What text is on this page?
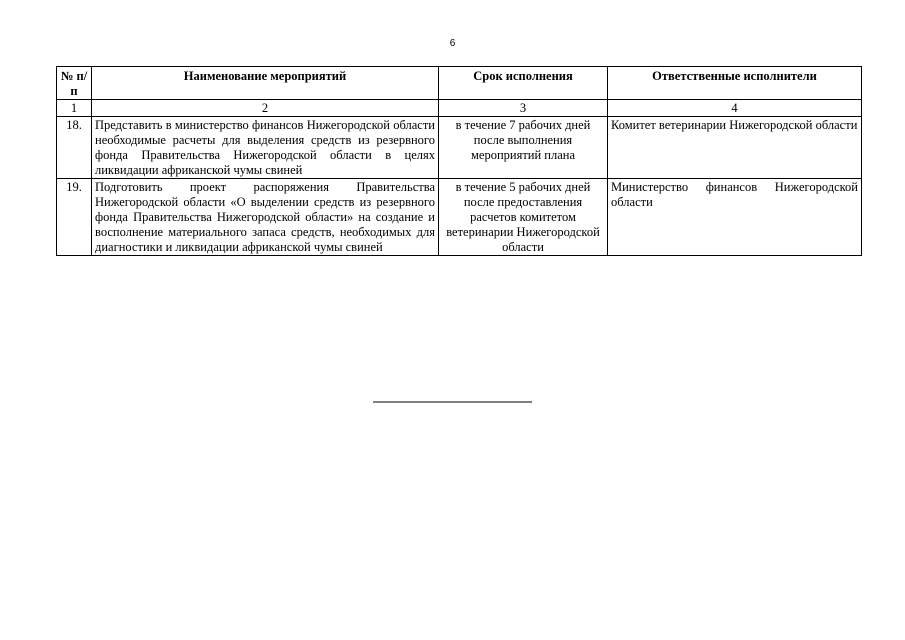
6
№ п/п	Наименование мероприятий	Срок исполнения	Ответственные исполнители
1	2	3	4
18.	Представить в министерство финансов Нижегородской области необходимые расчеты для выделения средств из резервного фонда Правительства Нижегородской области в целях ликвидации африканской чумы свиней	в течение 7 рабочих дней после выполнения мероприятий плана	Комитет ветеринарии Нижегородской области
19.	Подготовить проект распоряжения Правительства Нижегородской области «О выделении средств из резервного фонда Правительства Нижегородской области» на создание и восполнение материального запаса средств, необходимых для диагностики и ликвидации африканской чумы свиней	в течение 5 рабочих дней после предоставления расчетов комитетом ветеринарии Нижегородской области	Министерство финансов Нижегородской области
